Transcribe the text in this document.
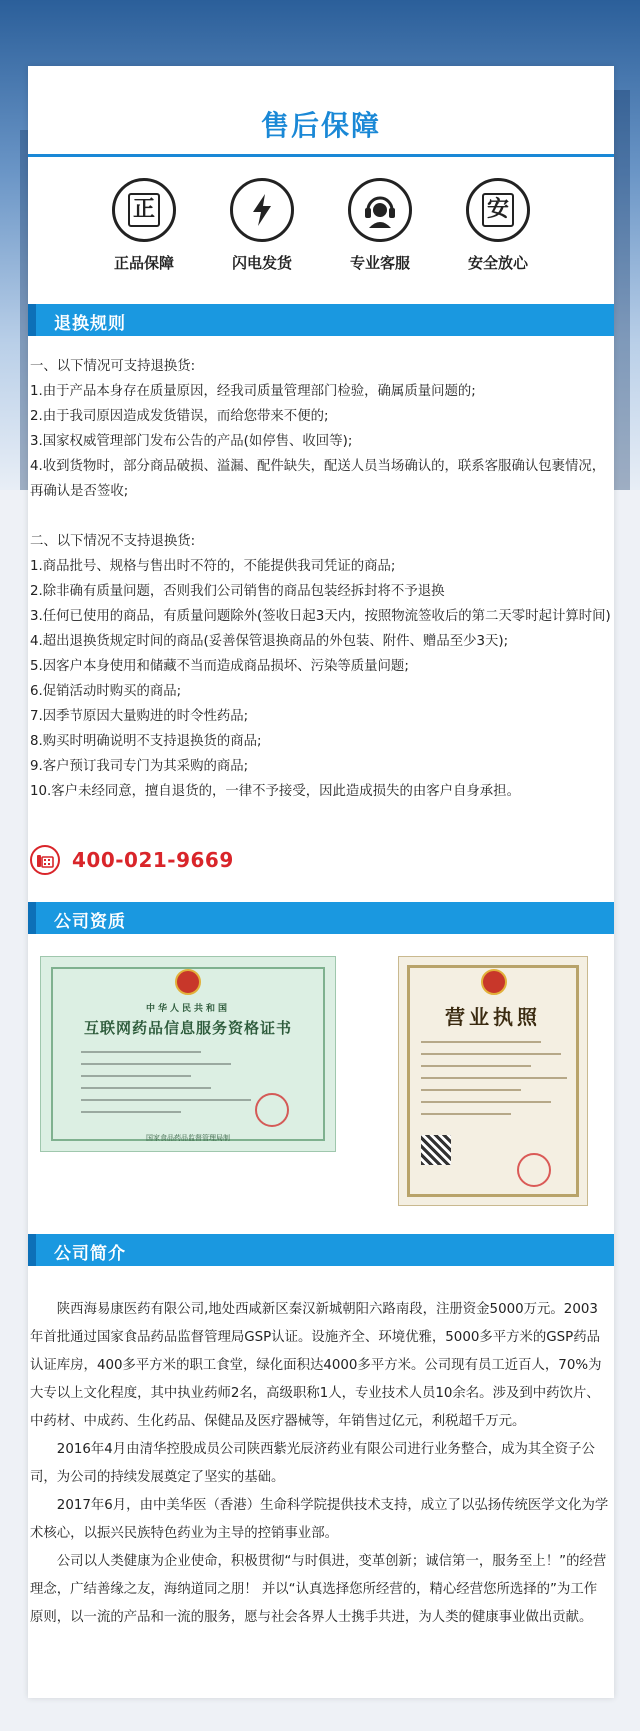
售后保障
正
正品保障	闪电发货	专业客服
安
安全放心
退换规则
一、以下情况可支持退换货:
1.由于产品本身存在质量原因，经我司质量管理部门检验，确属质量问题的;
2.由于我司原因造成发货错误，而给您带来不便的;
3.国家权威管理部门发布公告的产品(如停售、收回等);
4.收到货物时，部分商品破损、溢漏、配件缺失，配送人员当场确认的，联系客服确认包裹情况，再确认是否签收;
二、以下情况不支持退换货:
1.商品批号、规格与售出时不符的，不能提供我司凭证的商品;
2.除非确有质量问题，否则我们公司销售的商品包装经拆封将不予退换
3.任何已使用的商品，有质量问题除外(签收日起3天内，按照物流签收后的第二天零时起计算时间)
4.超出退换货规定时间的商品(妥善保管退换商品的外包装、附件、赠品至少3天);
5.因客户本身使用和储藏不当而造成商品损坏、污染等质量问题;
6.促销活动时购买的商品;
7.因季节原因大量购进的时令性药品;
8.购买时明确说明不支持退换货的商品;
9.客户预订我司专门为其采购的商品;
10.客户未经同意，擅自退货的，一律不予接受，因此造成损失的由客户自身承担。
400-021-9669
公司资质
中华人民共和国
互联网药品信息服务资格证书
国家食品药品监督管理局制
营业执照
公司简介

陕西海易康医药有限公司,地处西咸新区秦汉新城朝阳六路南段，注册资金5000万元。2003年首批通过国家食品药品监督管理局GSP认证。设施齐全、环境优雅，5000多平方米的GSP药品认证库房，400多平方米的职工食堂，绿化面积达4000多平方米。公司现有员工近百人，70%为大专以上文化程度，其中执业药师2名，高级职称1人，专业技术人员10余名。涉及到中药饮片、中药材、中成药、生化药品、保健品及医疗器械等，年销售过亿元，利税超千万元。

2016年4月由清华控股成员公司陕西紫光辰济药业有限公司进行业务整合，成为其全资子公司，为公司的持续发展奠定了坚实的基础。

2017年6月，由中美华医（香港）生命科学院提供技术支持，成立了以弘扬传统医学文化为学术核心，以振兴民族特色药业为主导的控销事业部。

公司以人类健康为企业使命，积极贯彻“与时俱进，变革创新；诚信第一，服务至上！”的经营理念，广结善缘之友，海纳道同之朋！ 并以“认真选择您所经营的，精心经营您所选择的”为工作原则，以一流的产品和一流的服务，愿与社会各界人士携手共进，为人类的健康事业做出贡献。
